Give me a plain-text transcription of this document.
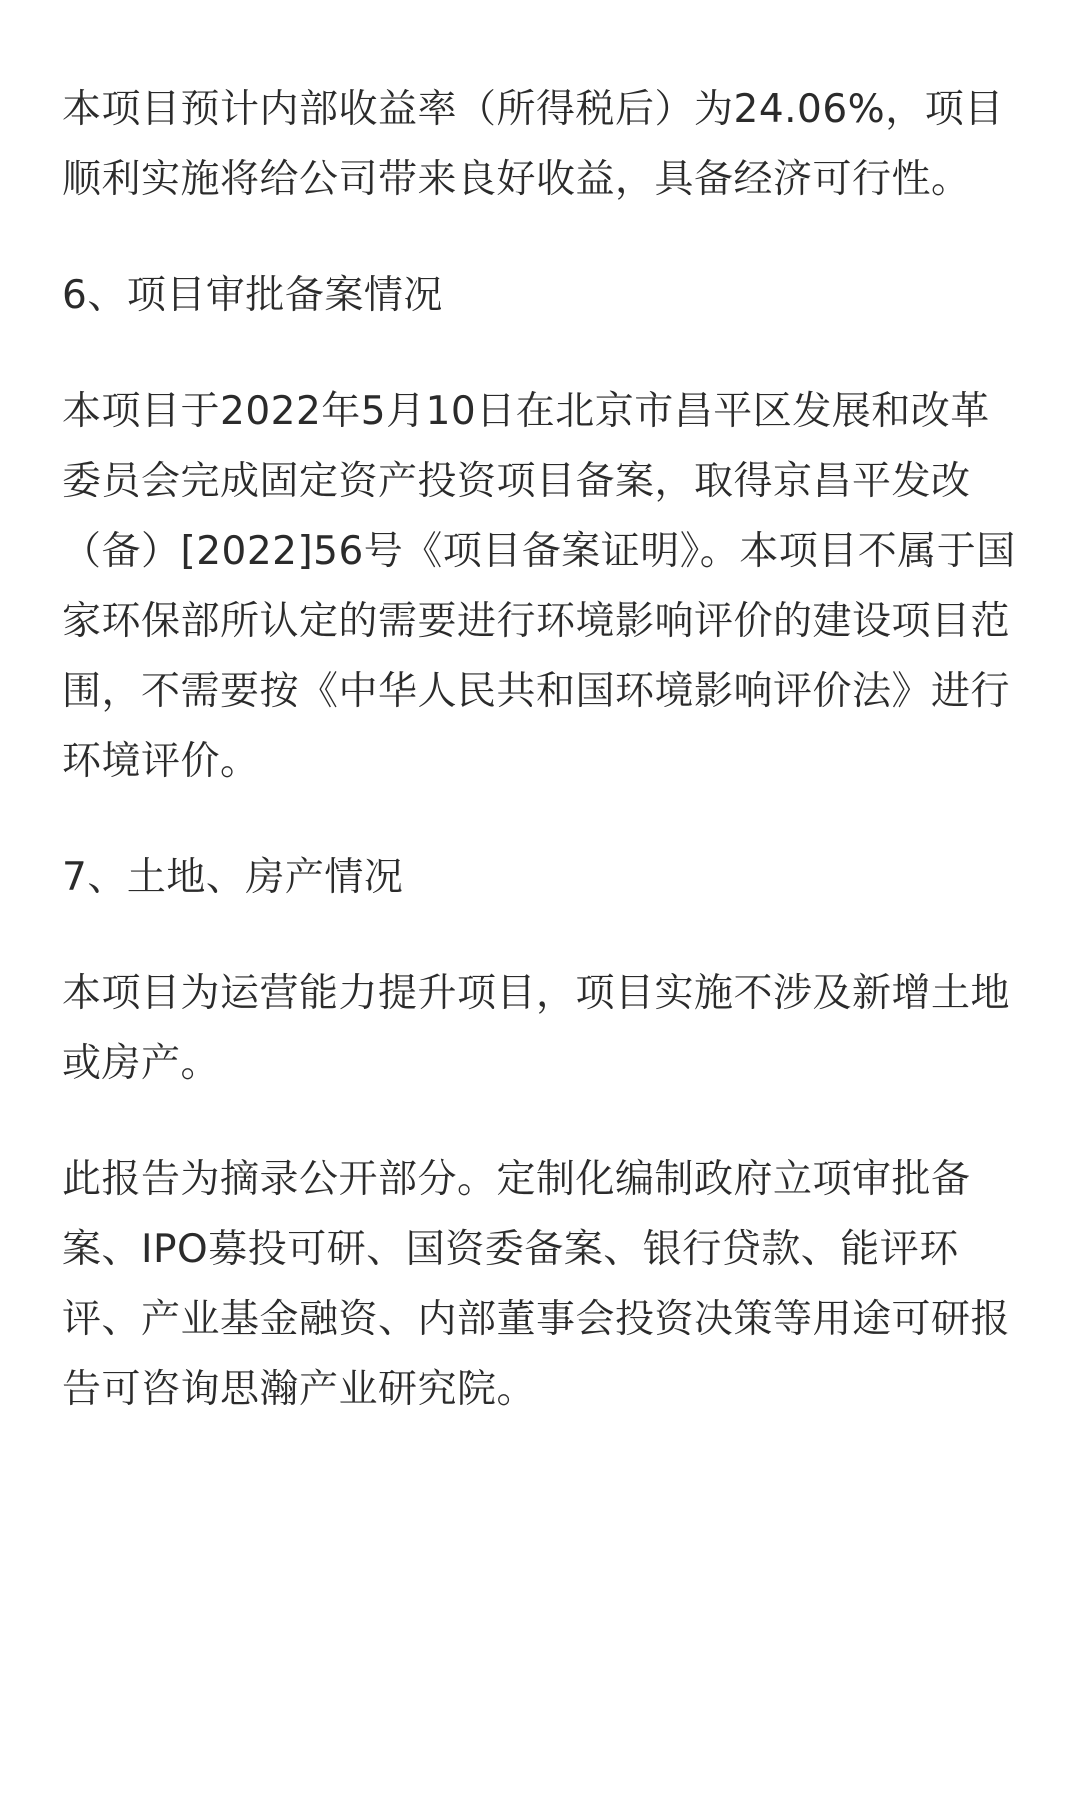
本项目预计内部收益率（所得税后）为24.06%，项目顺利实施将给公司带来良好收益，具备经济可行性。

6、项目审批备案情况

本项目于2022年5月10日在北京市昌平区发展和改革委员会完成固定资产投资项目备案，取得京昌平发改（备）[2022]56号《项目备案证明》。本项目不属于国家环保部所认定的需要进行环境影响评价的建设项目范围，不需要按《中华人民共和国环境影响评价法》进行环境评价。

7、土地、房产情况

本项目为运营能力提升项目，项目实施不涉及新增土地或房产。

此报告为摘录公开部分。定制化编制政府立项审批备案、IPO募投可研、国资委备案、银行贷款、能评环评、产业基金融资、内部董事会投资决策等用途可研报告可咨询思瀚产业研究院。
